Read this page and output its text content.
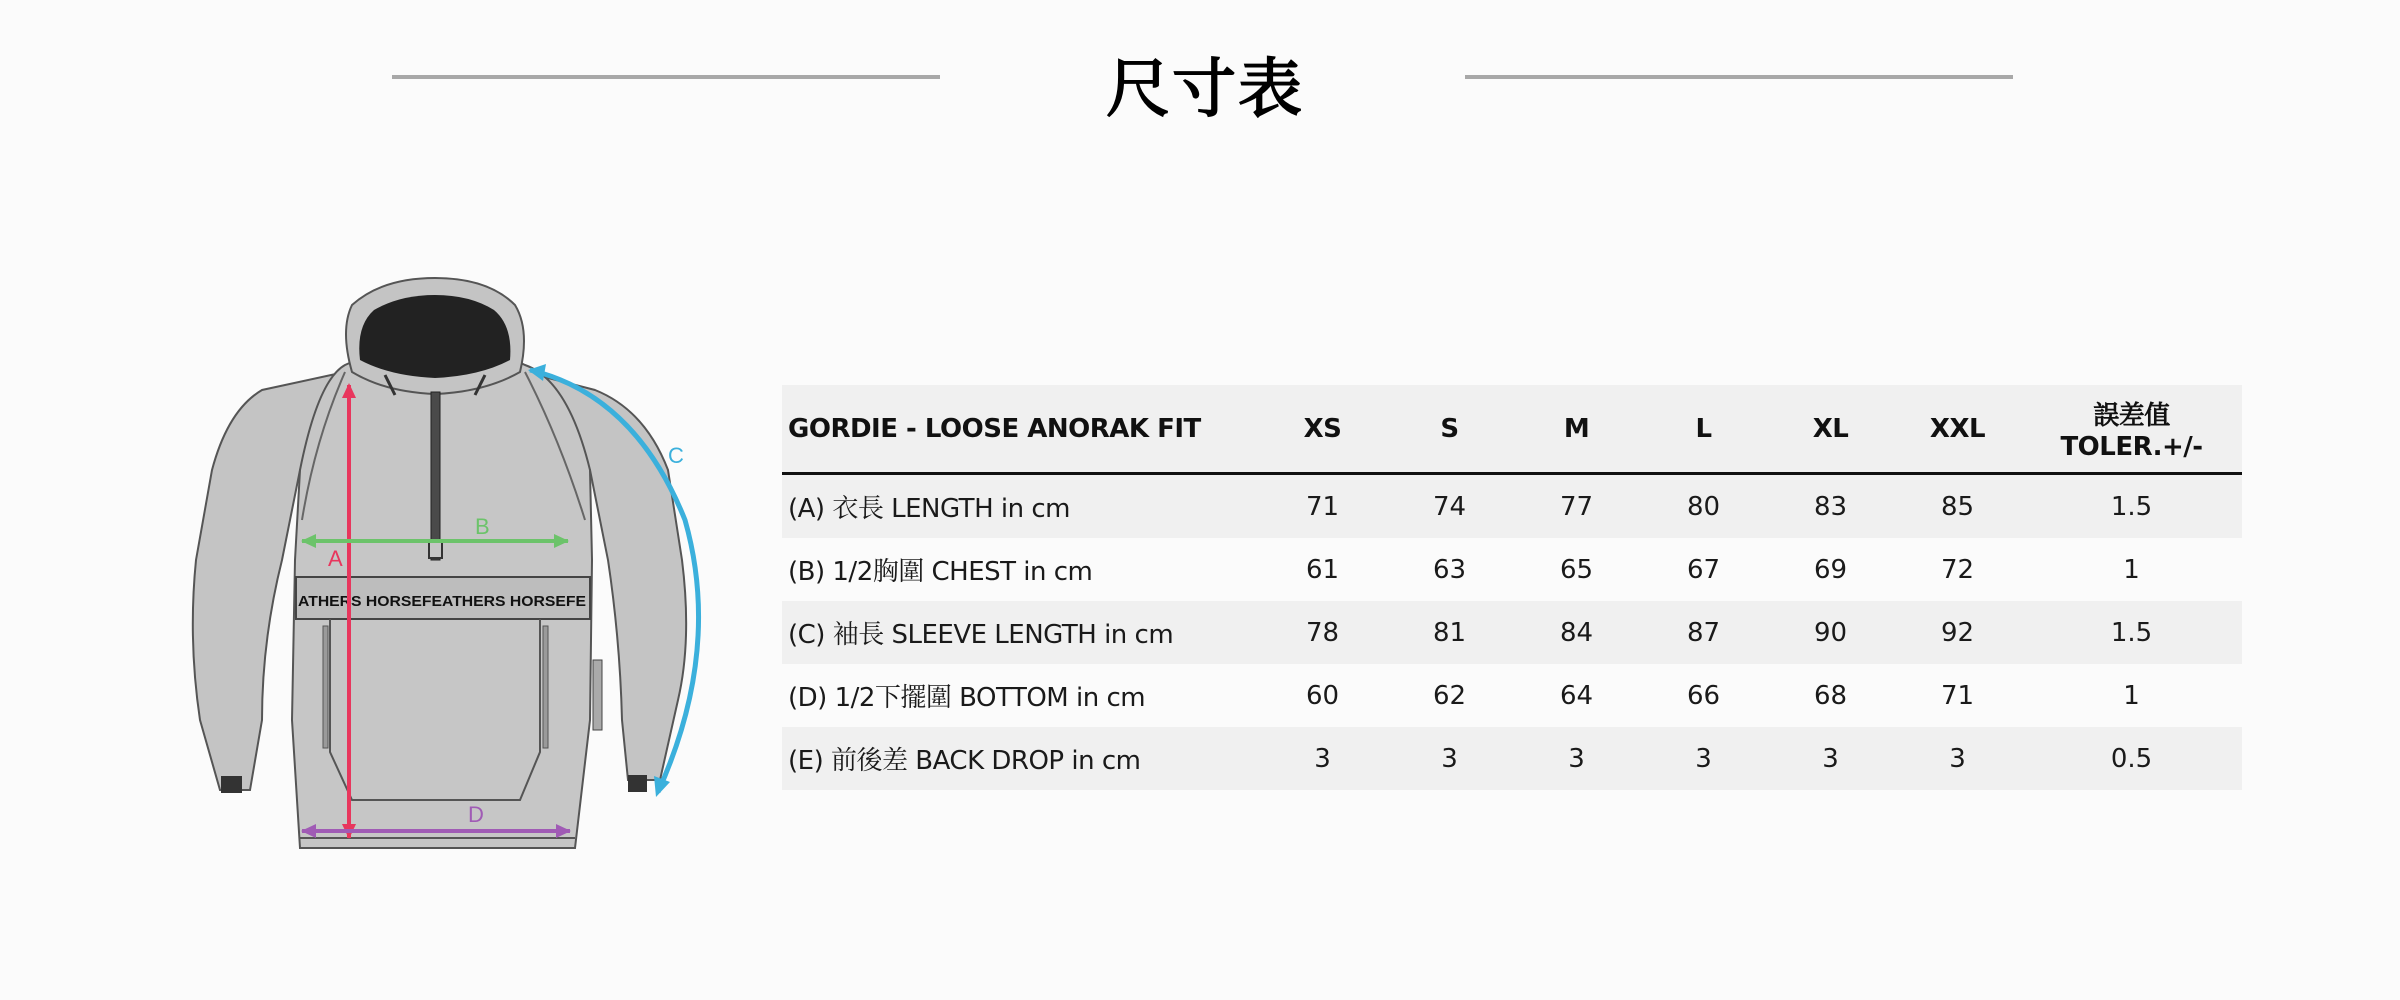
尺寸表
ATHERS HORSEFEATHERS HORSEFE
A
B
C
D
GORDIE - LOOSE ANORAK FIT	XS	S	M	L	XL	XXL	誤差值 TOLER.+/-
(A) 衣長 LENGTH in cm	71	74	77	80	83	85	1.5
(B) 1/2胸圍 CHEST in cm	61	63	65	67	69	72	1
(C) 袖長 SLEEVE LENGTH in cm	78	81	84	87	90	92	1.5
(D) 1/2下擺圍 BOTTOM in cm	60	62	64	66	68	71	1
(E) 前後差 BACK DROP in cm	3	3	3	3	3	3	0.5
